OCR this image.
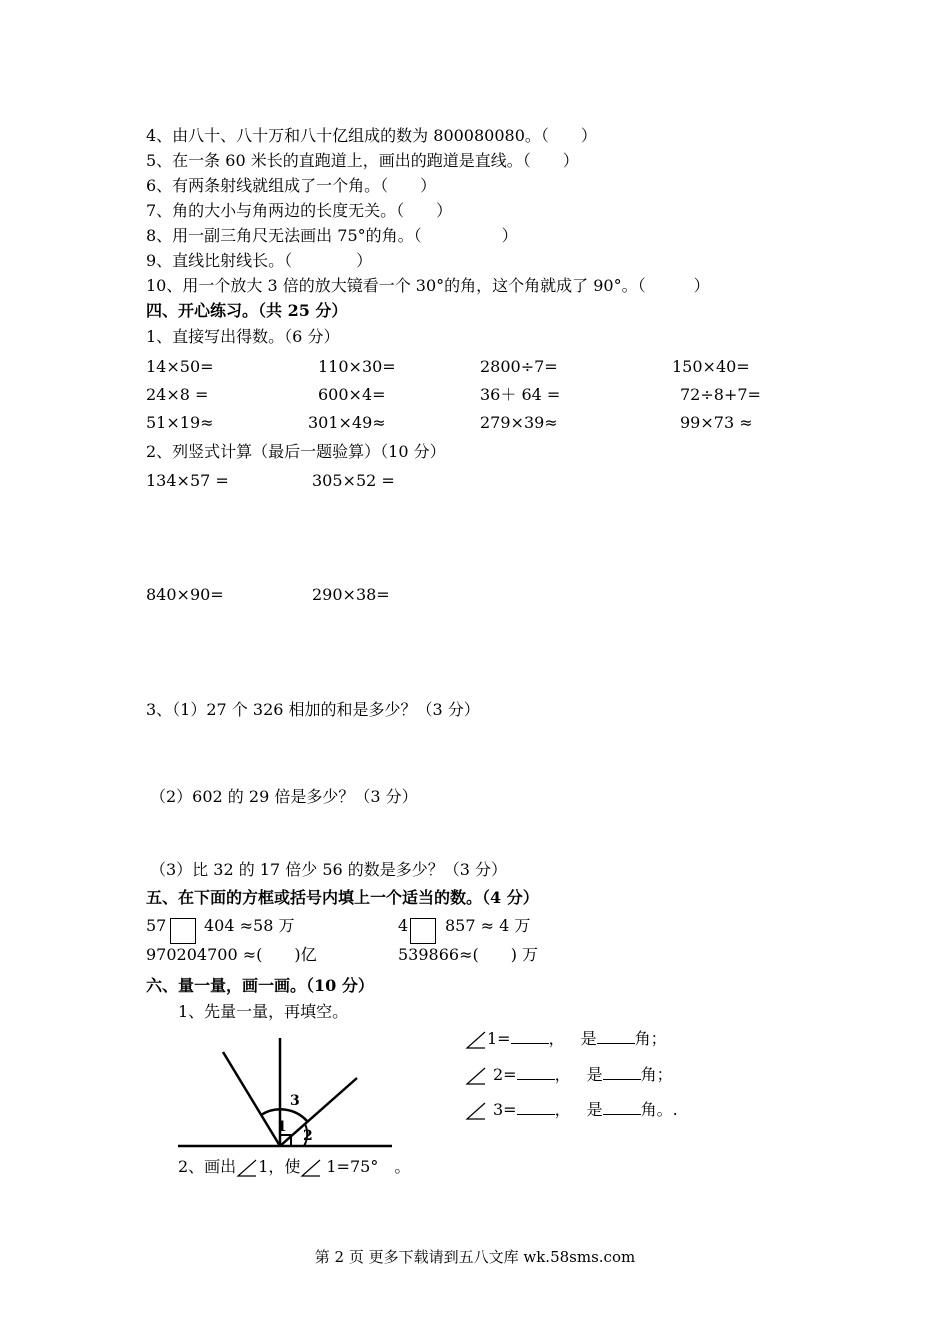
4、由八十、八十万和八十亿组成的数为 800080080。（　　）
5、在一条 60 米长的直跑道上，画出的跑道是直线。（　　）
6、有两条射线就组成了一个角。（　　）
7、角的大小与角两边的长度无关。（　　）
8、用一副三角尺无法画出 75°的角。（　　　　　）
9、直线比射线长。（　　　　）
10、用一个放大 3 倍的放大镜看一个 30°的角，这个角就成了 90°。（　　　）
四、开心练习。（共 25 分）
1、直接写出得数。（6 分）
14×50=	110×30=	2800÷7=	150×40=
24×8 =	600×4=	36＋ 64 =	72÷8+7=
51×19≈	301×49≈	279×39≈	99×73 ≈
2、列竖式计算（最后一题验算）（10 分）
134×57 =	305×52 =
840×90=	290×38=
3、（1）27 个 326 相加的和是多少？（3 分）
（2）602 的 29 倍是多少？（3 分）
（3）比 32 的 17 倍少 56 的数是多少？（3 分）
五、在下面的方框或括号内填上一个适当的数。（4 分）
57 404 ≈58 万	4 857 ≈ 4 万
970204700 ≈(　　)亿	539866≈(　　) 万
六、量一量，画一画。（10 分）
1、先量一量，再填空。
1
2
3
1= ， 是 角；
2= ， 是 角；
3= ， 是 角。.
2、画出 1，使 1=75°　。
第 2 页 更多下载请到五八文库 wk.58sms.com
